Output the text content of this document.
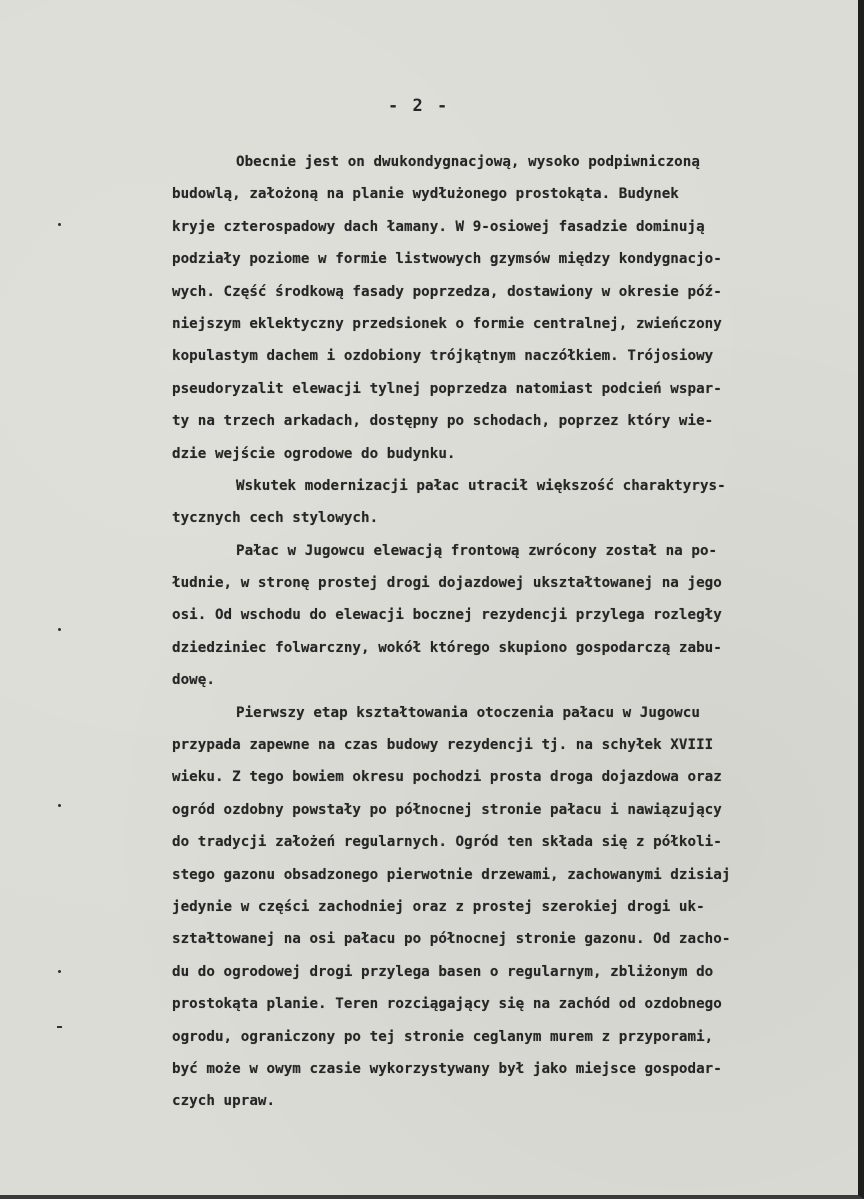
- 2 -
Obecnie jest on dwukondygnacjową, wysoko podpiwniczoną
budowlą, założoną na planie wydłużonego prostokąta. Budynek
kryje czterospadowy dach łamany. W 9-osiowej fasadzie dominują
podziały poziome w formie listwowych gzymsów między kondygnacjo-
wych. Część środkową fasady poprzedza, dostawiony w okresie póź-
niejszym eklektyczny przedsionek o formie centralnej, zwieńczony
kopulastym dachem i ozdobiony trójkątnym naczółkiem. Trójosiowy
pseudoryzalit elewacji tylnej poprzedza natomiast podcień wspar-
ty na trzech arkadach, dostępny po schodach, poprzez który wie-
dzie wejście ogrodowe do budynku.
Wskutek modernizacji pałac utracił większość charaktyrys-
tycznych cech stylowych.
Pałac w Jugowcu elewacją frontową zwrócony został na po-
łudnie, w stronę prostej drogi dojazdowej ukształtowanej na jego
osi. Od wschodu do elewacji bocznej rezydencji przylega rozległy
dziedziniec folwarczny, wokół którego skupiono gospodarczą zabu-
dowę.
Pierwszy etap kształtowania otoczenia pałacu w Jugowcu
przypada zapewne na czas budowy rezydencji tj. na schyłek XVIII
wieku. Z tego bowiem okresu pochodzi prosta droga dojazdowa oraz
ogród ozdobny powstały po północnej stronie pałacu i nawiązujący
do tradycji założeń regularnych. Ogród ten składa się z półkoli-
stego gazonu obsadzonego pierwotnie drzewami, zachowanymi dzisiaj
jedynie w części zachodniej oraz z prostej szerokiej drogi uk-
ształtowanej na osi pałacu po północnej stronie gazonu. Od zacho-
du do ogrodowej drogi przylega basen o regularnym, zbliżonym do
prostokąta planie. Teren rozciągający się na zachód od ozdobnego
ogrodu, ograniczony po tej stronie ceglanym murem z przyporami,
być może w owym czasie wykorzystywany był jako miejsce gospodar-
czych upraw.
